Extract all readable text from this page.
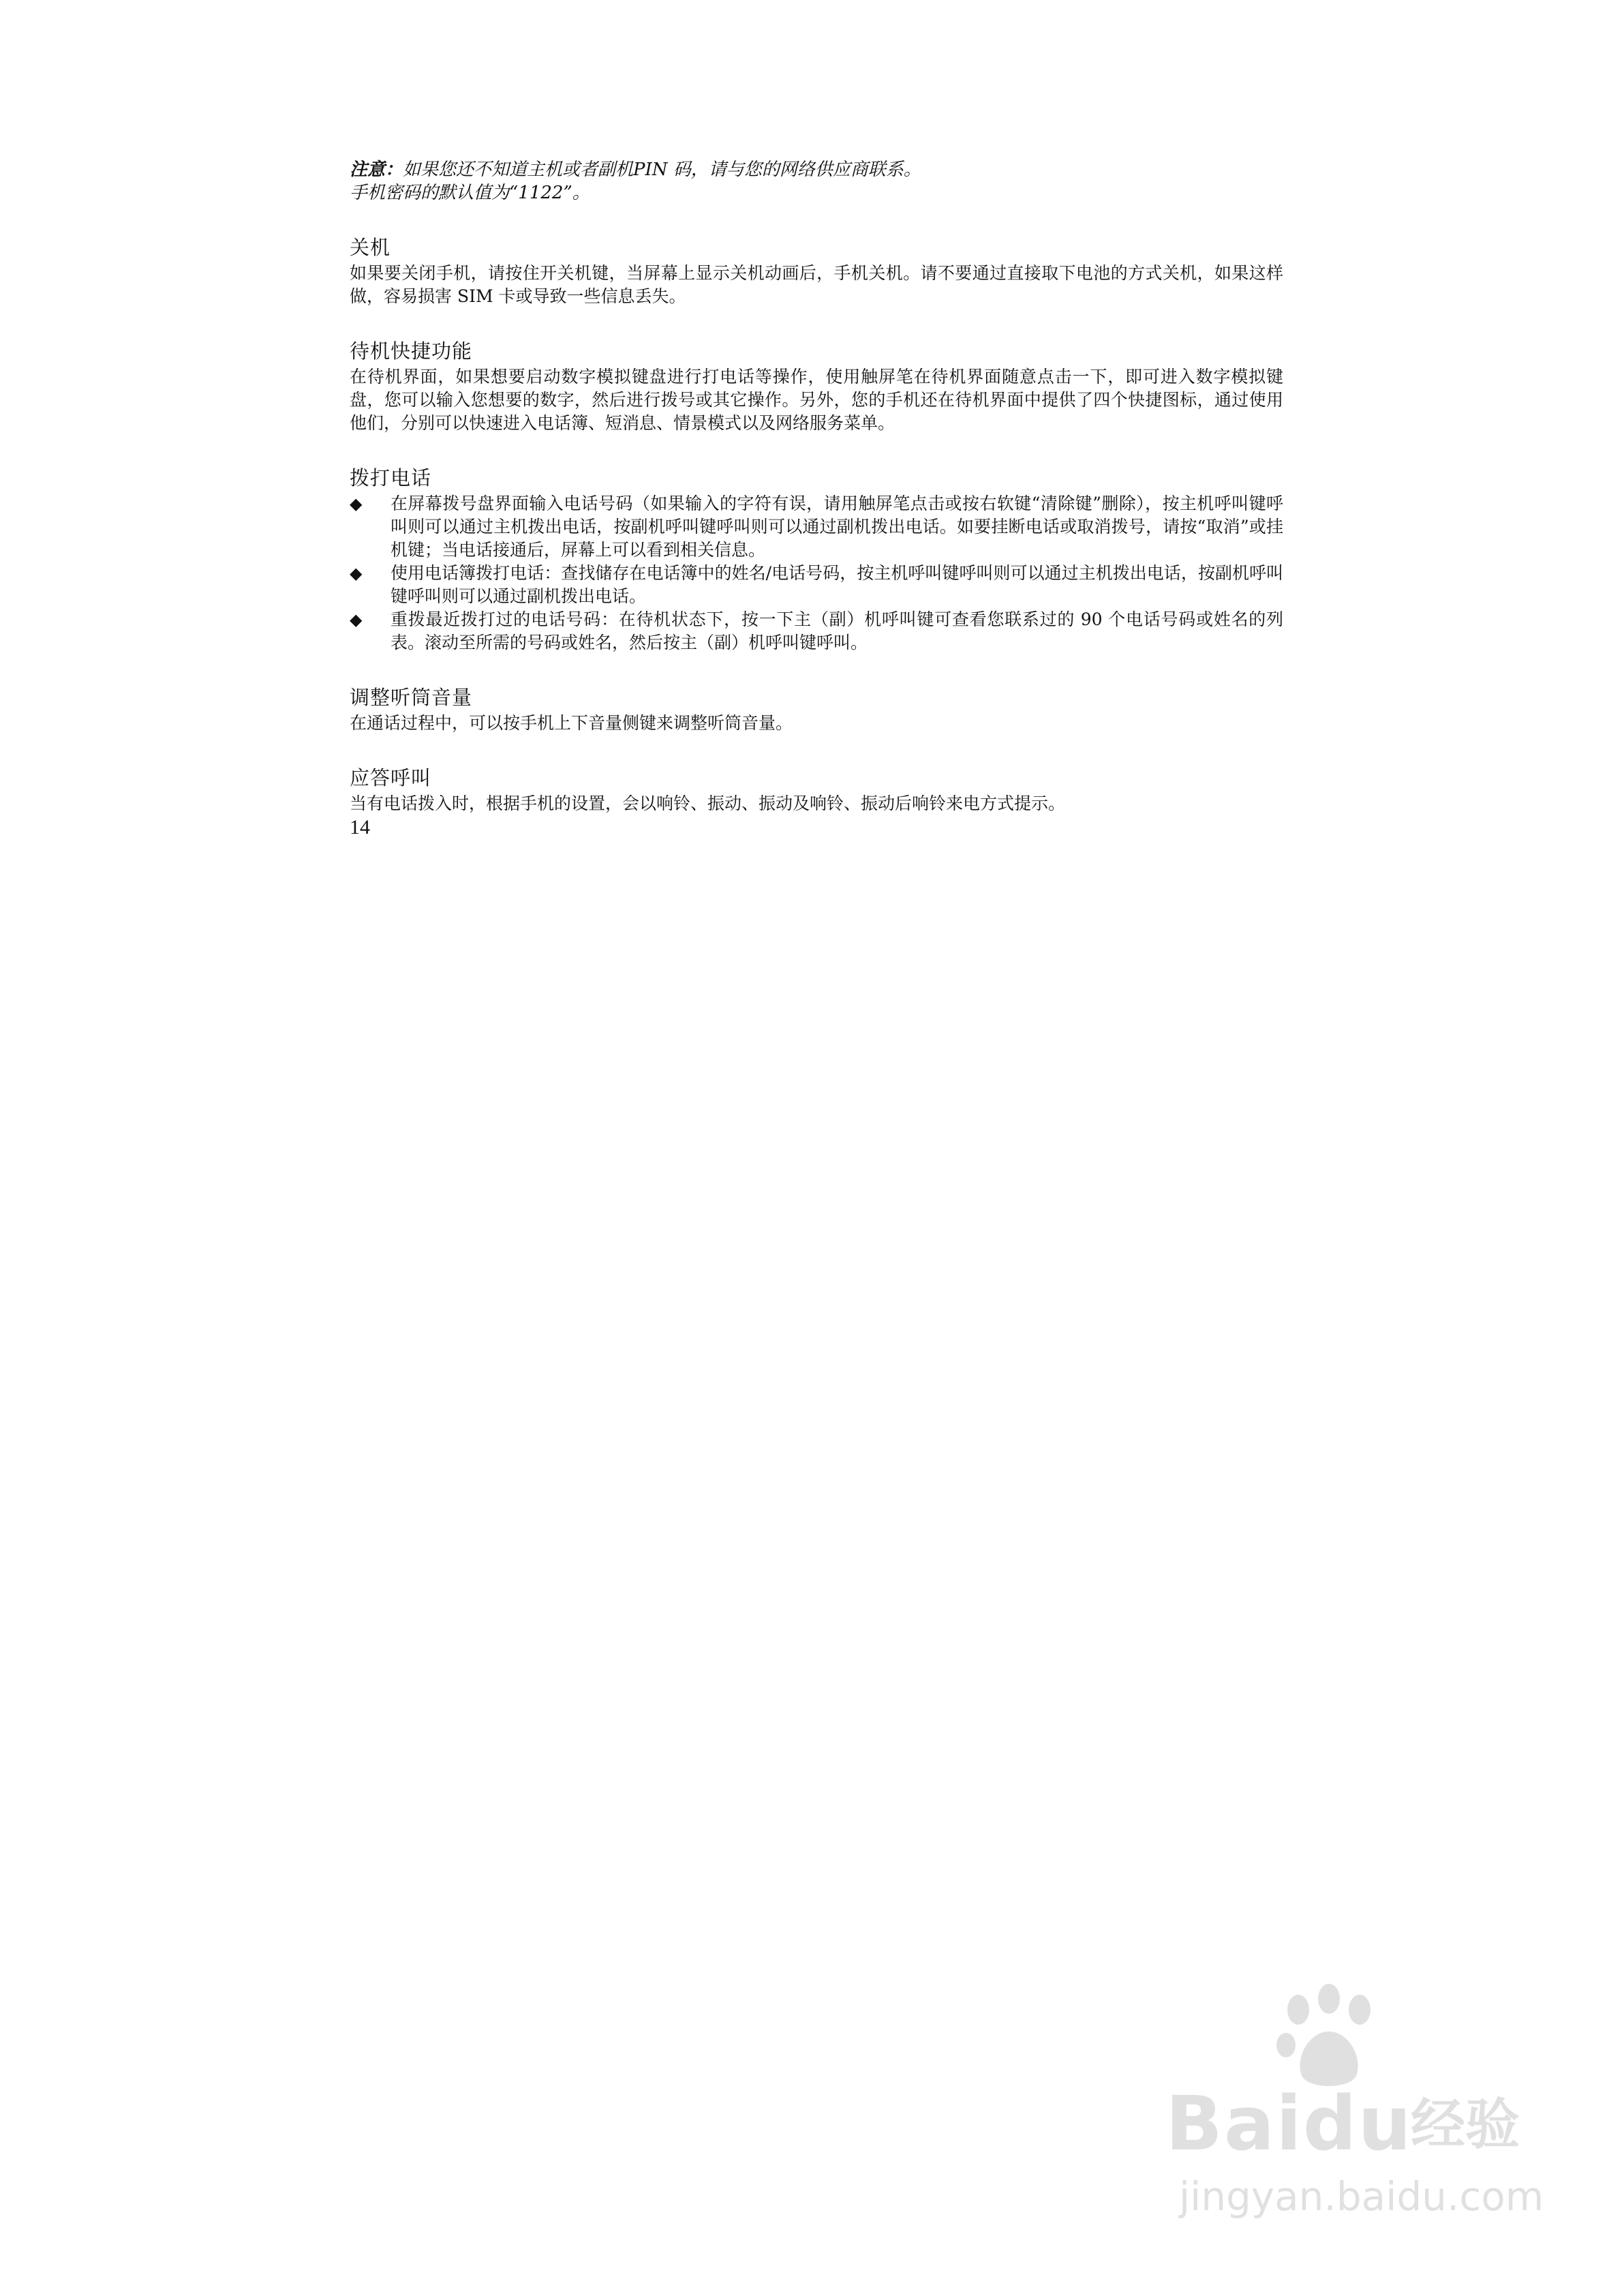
注意：如果您还不知道主机或者副机PIN 码，请与您的网络供应商联系。
手机密码的默认值为“1122”。

关机

如果要关闭手机，请按住开关机键，当屏幕上显示关机动画后，手机关机。请不要通过直接取下电池的方式关机，如果这样做，容易损害 SIM 卡或导致一些信息丢失。

待机快捷功能

在待机界面，如果想要启动数字模拟键盘进行打电话等操作，使用触屏笔在待机界面随意点击一下，即可进入数字模拟键盘，您可以输入您想要的数字，然后进行拨号或其它操作。另外，您的手机还在待机界面中提供了四个快捷图标，通过使用他们，分别可以快速进入电话簿、短消息、情景模式以及网络服务菜单。

拨打电话
◆ 在屏幕拨号盘界面输入电话号码（如果输入的字符有误，请用触屏笔点击或按右软键“清除键”删除），按主机呼叫键呼叫则可以通过主机拨出电话，按副机呼叫键呼叫则可以通过副机拨出电话。如要挂断电话或取消拨号，请按“取消”或挂机键；当电话接通后，屏幕上可以看到相关信息。
◆ 使用电话簿拨打电话：查找储存在电话簿中的姓名/电话号码，按主机呼叫键呼叫则可以通过主机拨出电话，按副机呼叫键呼叫则可以通过副机拨出电话。
◆ 重拨最近拨打过的电话号码：在待机状态下，按一下主（副）机呼叫键可查看您联系过的 90 个电话号码或姓名的列表。滚动至所需的号码或姓名，然后按主（副）机呼叫键呼叫。
调整听筒音量

在通话过程中，可以按手机上下音量侧键来调整听筒音量。

应答呼叫

当有电话拨入时，根据手机的设置，会以响铃、振动、振动及响铃、振动后响铃来电方式提示。

14
Baidu
经验
jingyan.baidu.com
